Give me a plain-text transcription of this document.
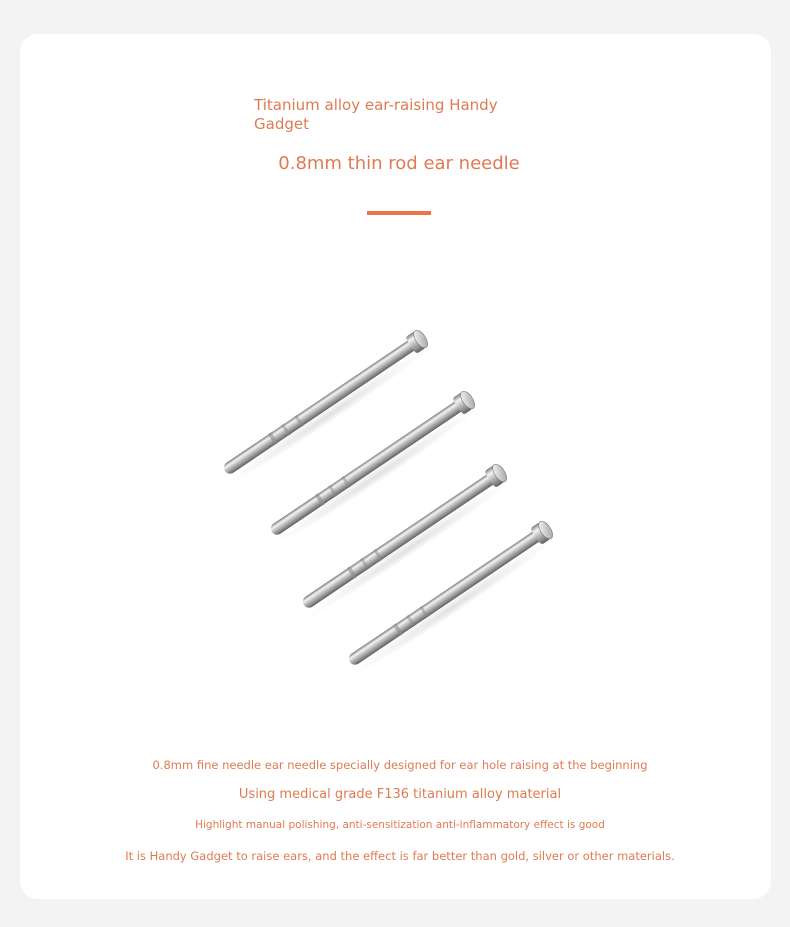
Titanium alloy ear-raising Handy Gadget
0.8mm thin rod ear needle
0.8mm fine needle ear needle specially designed for ear hole raising at the beginning
Using medical grade F136 titanium alloy material
Highlight manual polishing, anti-sensitization anti-inflammatory effect is good
It is Handy Gadget to raise ears, and the effect is far better than gold, silver or other materials.
